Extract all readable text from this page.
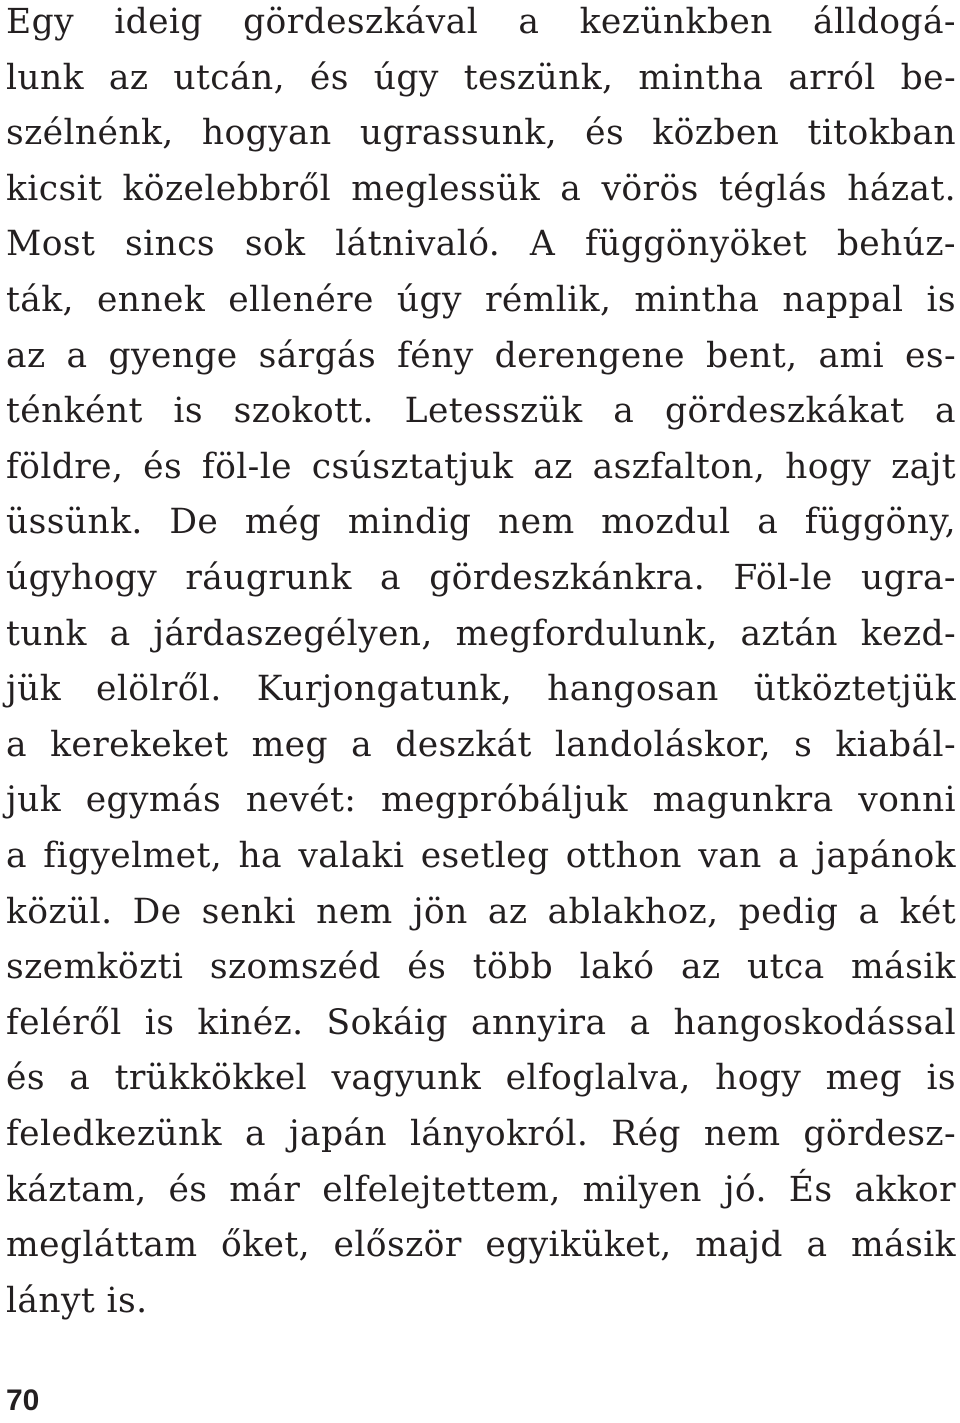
Egy ideig gördeszkával a kezünkben álldogá-
lunk az utcán, és úgy teszünk, mintha arról be-
szélnénk, hogyan ugrassunk, és közben titokban
kicsit közelebbről meglessük a vörös téglás házat.
Most sincs sok látnivaló. A függönyöket behúz-
ták, ennek ellenére úgy rémlik, mintha nappal is
az a gyenge sárgás fény derengene bent, ami es-
ténként is szokott. Letesszük a gördeszkákat a
földre, és föl-le csúsztatjuk az aszfalton, hogy zajt
üssünk. De még mindig nem mozdul a függöny,
úgyhogy ráugrunk a gördeszkánkra. Föl-le ugra-
tunk a járdaszegélyen, megfordulunk, aztán kezd-
jük elölről. Kurjongatunk, hangosan ütköztetjük
a kerekeket meg a deszkát landoláskor, s kiabál-
juk egymás nevét: megpróbáljuk magunkra vonni
a figyelmet, ha valaki esetleg otthon van a japánok
közül. De senki nem jön az ablakhoz, pedig a két
szemközti szomszéd és több lakó az utca másik
feléről is kinéz. Sokáig annyira a hangoskodással
és a trükkökkel vagyunk elfoglalva, hogy meg is
feledkezünk a japán lányokról. Rég nem gördesz-
káztam, és már elfelejtettem, milyen jó. És akkor
megláttam őket, először egyiküket, majd a másik
lányt is.
70
